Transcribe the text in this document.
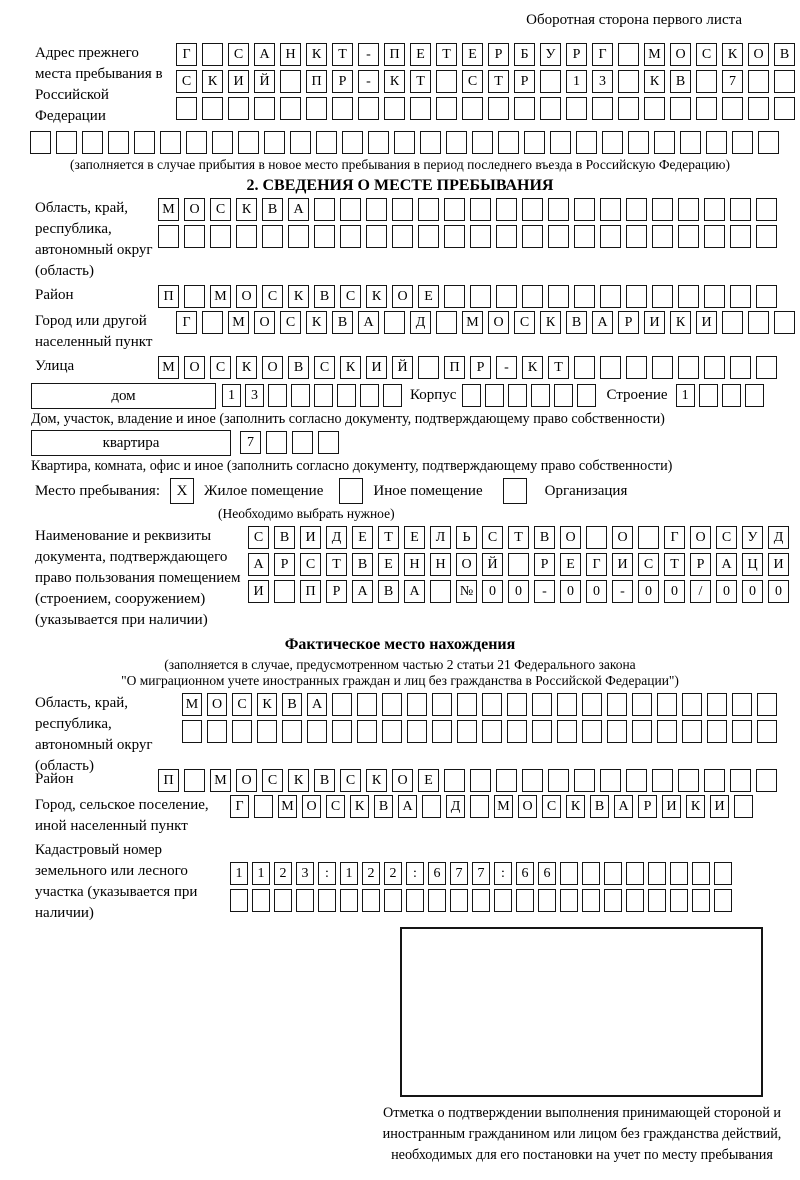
Оборотная сторона первого листа
Адрес прежнего места пребывания в Российской Федерации
Г	С	А	Н	К	Т	-	П	Е	Т	Е	Р	Б	У	Р	Г	М	О	С	К	О	В
С	К	И	Й	П	Р	-	К	Т	С	Т	Р	1	3	К	В	7
(заполняется в случае прибытия в новое место пребывания в период последнего въезда в Российскую Федерацию)
2. СВЕДЕНИЯ О МЕСТЕ ПРЕБЫВАНИЯ
Область, край, республика, автономный округ (область)
М	О	С	К	В	А
Район	П	М	О	С	К	В	С	К	О	Е
Город или другой населенный пункт
Г	М	О	С	К	В	А	Д	М	О	С	К	В	А	Р	И	К	И
Улица	М	О	С	К	О	В	С	К	И	Й	П	Р	-	К	Т
дом	1	3	Корпус	Строение	1
Дом, участок, владение и иное (заполнить согласно документу, подтверждающему право собственности)
квартира	7
Квартира, комната, офис и иное (заполнить согласно документу, подтверждающему право собственности)
Место пребывания:	X	Жилое помещение	Иное помещение	Организация
(Необходимо выбрать нужное)
Наименование и реквизиты документа, подтверждающего право пользования помещением (строением, сооружением) (указывается при наличии)
С	В	И	Д	Е	Т	Е	Л	Ь	С	Т	В	О	О	Г	О	С	У	Д
А	Р	С	Т	В	Е	Н	Н	О	Й	Р	Е	Г	И	С	Т	Р	А	Ц	И
И	П	Р	А	В	А	№	0	0	-	0	0	-	0	0	/	0	0	0
Фактическое место нахождения
(заполняется в случае, предусмотренном частью 2 статьи 21 Федерального закона
"О миграционном учете иностранных граждан и лиц без гражданства в Российской Федерации")
Область, край, республика, автономный округ (область)
М О	С	К	В	А
Район	П	М	О	С	К	В	С	К	О	Е
Город, сельское поселение, иной населенный пункт
Г	М О	С	К	В	А	Д	М О	С	К	В	А	Р	И	К	И
Кадастровый номер земельного или лесного участка (указывается при наличии)
1	1	2	3	:	1	2	2	:	6	7	7	:	6	6
Отметка о подтверждении выполнения принимающей стороной и иностранным гражданином или лицом без гражданства действий, необходимых для его постановки на учет по месту пребывания
